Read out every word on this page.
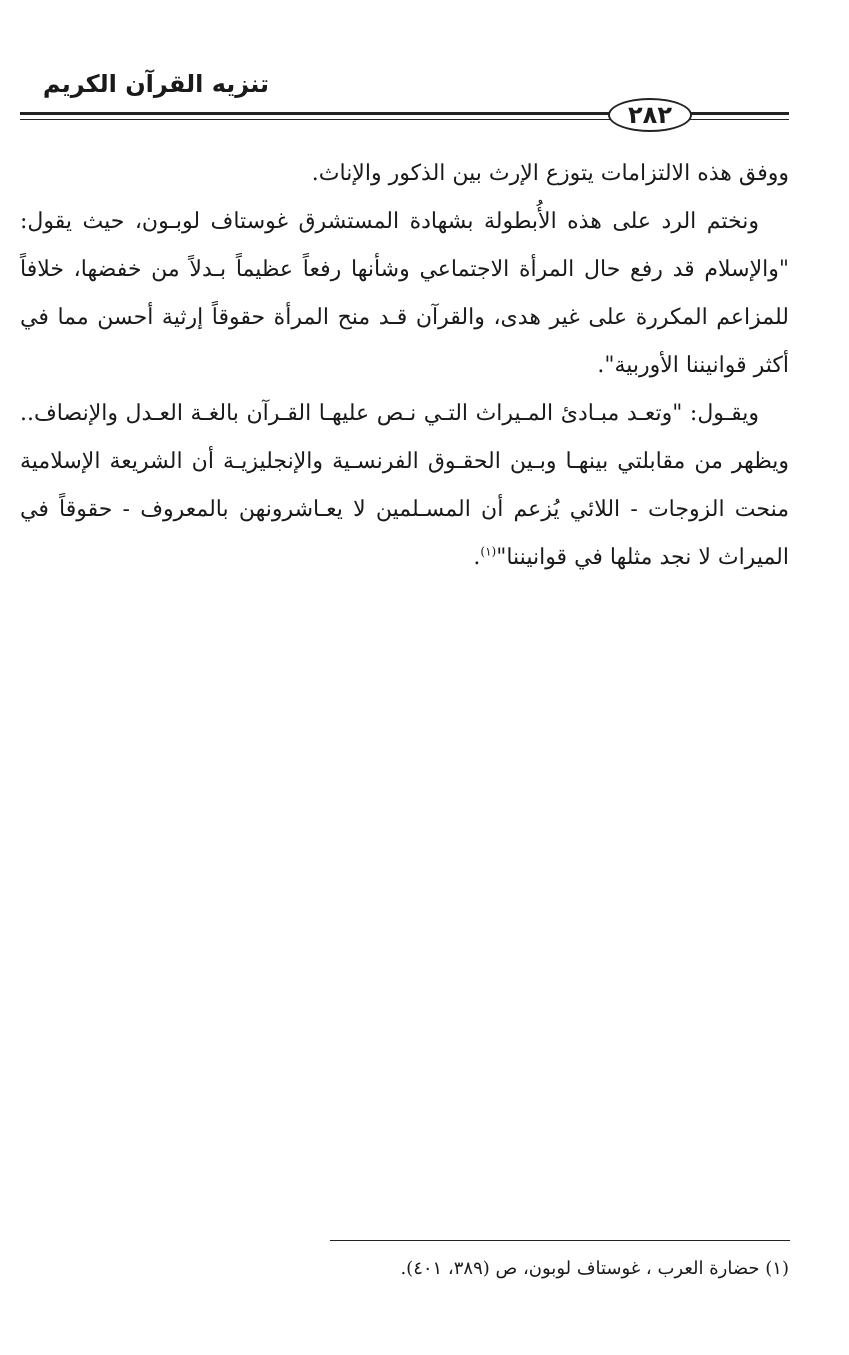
تنزيه القرآن الكريم
٢٨٢

ووفق هذه الالتزامات يتوزع الإرث بين الذكور والإناث.

ونختم الرد على هذه الأُبطولة بشهادة المستشرق غوستاف لوبـون، حيث يقول: "والإسلام قد رفع حال المرأة الاجتماعي وشأنها رفعاً عظيماً بـدلاً من خفضها، خلافاً للمزاعم المكررة على غير هدى، والقرآن قـد منح المرأة حقوقاً إرثية أحسن مما في أكثر قوانيننا الأوربية".

ويقـول: "وتعـد مبـادئ المـيراث التـي نـص عليهـا القـرآن بالغـة العـدل والإنصاف.. ويظهر من مقابلتي بينهـا وبـين الحقـوق الفرنسـية والإنجليزيـة أن الشريعة الإسلامية منحت الزوجات - اللائي يُزعم أن المسـلمين لا يعـاشرونهن بالمعروف - حقوقاً في الميراث لا نجد مثلها في قوانيننا"$^{(١)}$.

(١) حضارة العرب ، غوستاف لوبون، ص (٣٨٩، ٤٠١).
